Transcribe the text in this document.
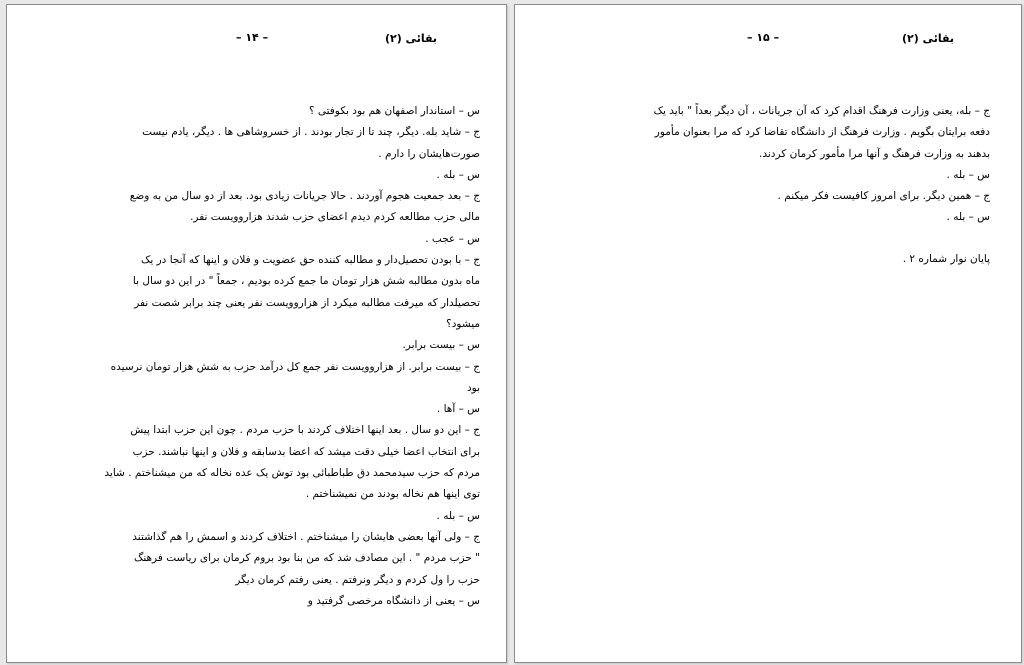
بقائی (۲)
– ۱۴ –
س – استاندار اصفهان هم بود بکوفتی ؟
ج – شاید بله. دیگر، چند تا از تجار بودند . از خسروشاهی ها . دیگر، یادم نیست
صورت‌هایشان را دارم .
س – بله .
ج – بعد جمعیت هجوم آوردند . حالا جریانات زیادی بود. بعد از دو سال من به وضع
مالی حزب مطالعه کردم دیدم اعضای حزب شدند هزاروویست نفر.
س – عجب .
ج – با بودن تحصیل‌دار و مطالبه کننده حق عضویت و فلان و اینها که آنجا در یک
ماه بدون مطالبه شش هزار تومان ما جمع کرده بودیم ، جمعاً " در این دو سال با
تحصیلدار که میرفت مطالبه میکرد از هزاروویست نفر یعنی چند برابر شصت نفر
میشود؟
س – بیست برابر.
ج – بیست برابر. از هزاروویست نفر جمع کل درآمد حزب به شش هزار تومان نرسیده
بود
س – آها .
ج – این دو سال . بعد اینها اختلاف کردند با حزب مردم . چون این حزب ابتدا پیش
برای انتخاب اعضا خیلی دقت میشد که اعضا بدسابقه و فلان و اینها نباشند. حزب
مردم که حزب سیدمحمد دق طباطبائی بود توش یک عده نخاله که من میشناختم . شاید
توی اینها هم نخاله بودند من نمیشناختم .
س – بله .
ج – ولی آنها بعضی هایشان را میشناختم . اختلاف کردند و اسمش را هم گذاشتند
" حزب مردم " . این مصادف شد که من بنا بود بروم کرمان برای ریاست فرهنگ
حزب را ول کردم و دیگر ونرفتم . یعنی رفتم کرمان دیگر
س – یعنی از دانشگاه مرخصی گرفتید و
بقائی (۲)
– ۱۵ –
ج – بله، یعنی وزارت فرهنگ اقدام کرد که آن جریانات ، آن دیگر بعداً " باید یک
دفعه برایتان بگویم . وزارت فرهنگ از دانشگاه تقاضا کرد که مرا بعنوان مأمور
بدهند به وزارت فرهنگ و آنها مرا مأمور کرمان کردند.
س – بله .
ج – همین دیگر. برای امروز کافیست فکر میکنم .
س – بله .
پایان نوار شماره ۲ .
